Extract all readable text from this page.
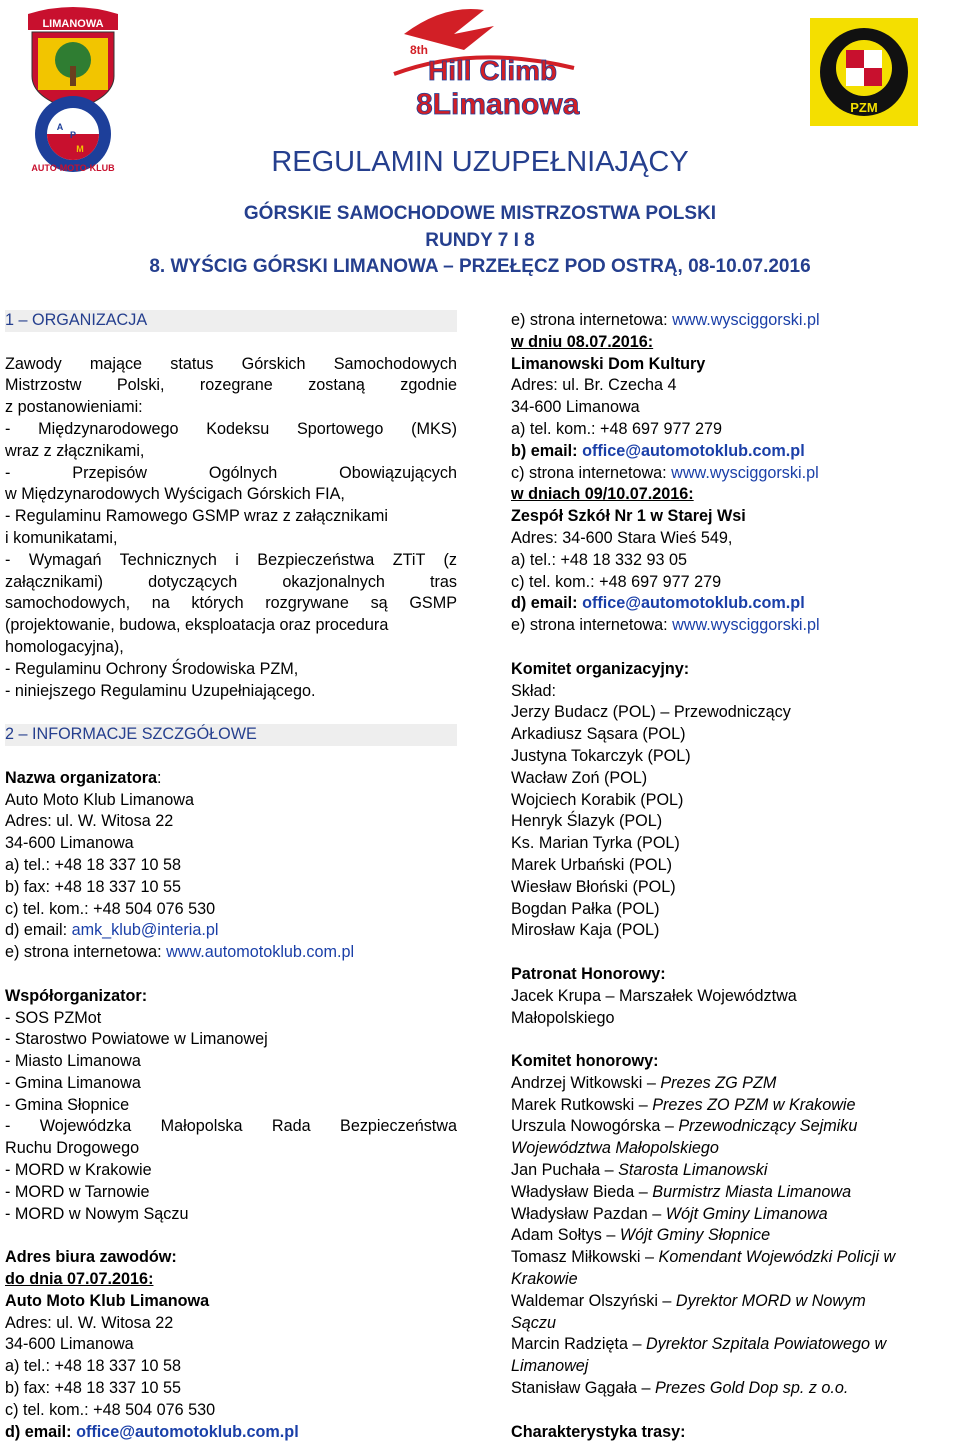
LIMANOWA
P
A
M
AUTO·MOTO·KLUB
8th
Hill Climb
8Limanowa	PZM
REGULAMIN UZUPEŁNIAJĄCY
GÓRSKIE SAMOCHODOWE MISTRZOSTWA POLSKI
RUNDY 7 I 8
8. WYŚCIG GÓRSKI LIMANOWA – PRZEŁĘCZ POD OSTRĄ, 08-10.07.2016
1 – ORGANIZACJA
Zawody mające status Górskich Samochodowych
Mistrzostw Polski, rozegrane zostaną zgodnie
z postanowieniami:
- Międzynarodowego Kodeksu Sportowego (MKS)
wraz z złącznikami,
- Przepisów Ogólnych Obowiązujących
w Międzynarodowych Wyścigach Górskich FIA,
- Regulaminu Ramowego GSMP wraz z załącznikami
i komunikatami,
- Wymagań Technicznych i Bezpieczeństwa ZTiT (z
załącznikami) dotyczących okazjonalnych tras
samochodowych, na których rozgrywane są GSMP
(projektowanie, budowa, eksploatacja oraz procedura
homologacyjna),
- Regulaminu Ochrony Środowiska PZM,
- niniejszego Regulaminu Uzupełniającego.
2 – INFORMACJE SZCZGÓŁOWE
Nazwa organizatora:
Auto Moto Klub Limanowa
Adres: ul. W. Witosa 22
34-600 Limanowa
a) tel.: +48 18 337 10 58
b) fax: +48 18 337 10 55
c) tel. kom.: +48 504 076 530
d) email: amk_klub@interia.pl
e) strona internetowa: www.automotoklub.com.pl
Współorganizator:
- SOS PZMot
- Starostwo Powiatowe w Limanowej
- Miasto Limanowa
- Gmina Limanowa
- Gmina Słopnice
- Wojewódzka Małopolska Rada Bezpieczeństwa
Ruchu Drogowego
- MORD w Krakowie
- MORD w Tarnowie
- MORD w Nowym Sączu
Adres biura zawodów:
do dnia 07.07.2016:
Auto Moto Klub Limanowa
Adres: ul. W. Witosa 22
34-600 Limanowa
a) tel.: +48 18 337 10 58
b) fax: +48 18 337 10 55
c) tel. kom.: +48 504 076 530
d) email: office@automotoklub.com.pl
e) strona internetowa: www.wysciggorski.pl
w dniu 08.07.2016:
Limanowski Dom Kultury
Adres: ul. Br. Czecha 4
34-600 Limanowa
a) tel. kom.: +48 697 977 279
b) email: office@automotoklub.com.pl
c) strona internetowa: www.wysciggorski.pl
w dniach 09/10.07.2016:
Zespół Szkół Nr 1 w Starej Wsi
Adres: 34-600 Stara Wieś 549,
a) tel.: +48 18 332 93 05
c) tel. kom.: +48 697 977 279
d) email: office@automotoklub.com.pl
e) strona internetowa: www.wysciggorski.pl
Komitet organizacyjny:
Skład:
Jerzy Budacz (POL) – Przewodniczący
Arkadiusz Sąsara (POL)
Justyna Tokarczyk (POL)
Wacław Zoń (POL)
Wojciech Korabik (POL)
Henryk Ślazyk (POL)
Ks. Marian Tyrka (POL)
Marek Urbański (POL)
Wiesław Błoński (POL)
Bogdan Pałka (POL)
Mirosław Kaja (POL)
Patronat Honorowy:
Jacek Krupa – Marszałek Województwa
Małopolskiego
Komitet honorowy:
Andrzej Witkowski – Prezes ZG PZM
Marek Rutkowski – Prezes ZO PZM w Krakowie
Urszula Nowogórska – Przewodniczący Sejmiku
Województwa Małopolskiego
Jan Puchała – Starosta Limanowski
Władysław Bieda – Burmistrz Miasta Limanowa
Władysław Pazdan – Wójt Gminy Limanowa
Adam Sołtys – Wójt Gminy Słopnice
Tomasz Miłkowski – Komendant Wojewódzki Policji w
Krakowie
Waldemar Olszyński – Dyrektor MORD w Nowym
Sączu
Marcin Radzięta – Dyrektor Szpitala Powiatowego w
Limanowej
Stanisław Gągała – Prezes Gold Dop sp. z o.o.
Charakterystyka trasy:
